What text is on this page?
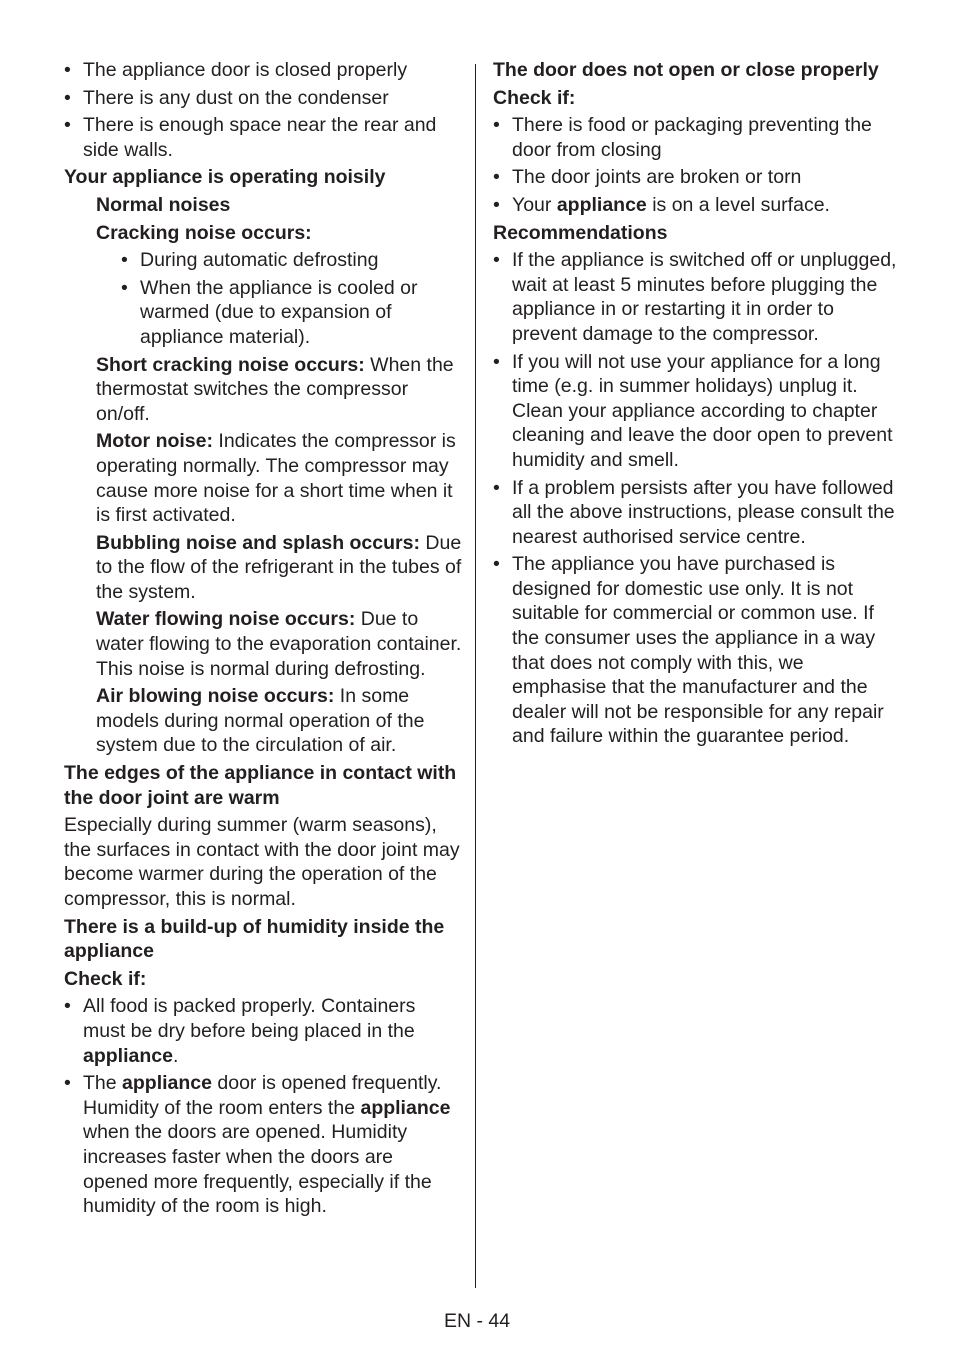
• The appliance door is closed properly
• There is any dust on the condenser
• There is enough space near the rear and side walls.
Your appliance is operating noisily
Normal noises
Cracking noise occurs:
• During automatic defrosting
• When the appliance is cooled or warmed (due to expansion of appliance material).

Short cracking noise occurs: When the thermostat switches the compressor on/off.

Motor noise: Indicates the compressor is operating normally. The compressor may cause more noise for a short time when it is first activated.

Bubbling noise and splash occurs: Due to the flow of the refrigerant in the tubes of the system.

Water flowing noise occurs: Due to water flowing to the evaporation container. This noise is normal during defrosting.

Air blowing noise occurs: In some models during normal operation of the system due to the circulation of air.

The edges of the appliance in contact with the door joint are warm

Especially during summer (warm seasons), the surfaces in contact with the door joint may become warmer during the operation of the compressor, this is normal.

There is a build-up of humidity inside the appliance
Check if:
• All food is packed properly. Containers must be dry before being placed in the appliance.
• The appliance door is opened frequently. Humidity of the room enters the appliance when the doors are opened. Humidity increases faster when the doors are opened more frequently, especially if the humidity of the room is high.
The door does not open or close properly
Check if:
• There is food or packaging preventing the door from closing
• The door joints are broken or torn
• Your appliance is on a level surface.
Recommendations
• If the appliance is switched off or unplugged, wait at least 5 minutes before plugging the appliance in or restarting it in order to prevent damage to the compressor.
• If you will not use your appliance for a long time (e.g. in summer holidays) unplug it. Clean your appliance according to chapter cleaning and leave the door open to prevent humidity and smell.
• If a problem persists after you have followed all the above instructions, please consult the nearest authorised service centre.
• The appliance you have purchased is designed for domestic use only. It is not suitable for commercial or common use. If the consumer uses the appliance in a way that does not comply with this, we emphasise that the manufacturer and the dealer will not be responsible for any repair and failure within the guarantee period.
EN - 44
